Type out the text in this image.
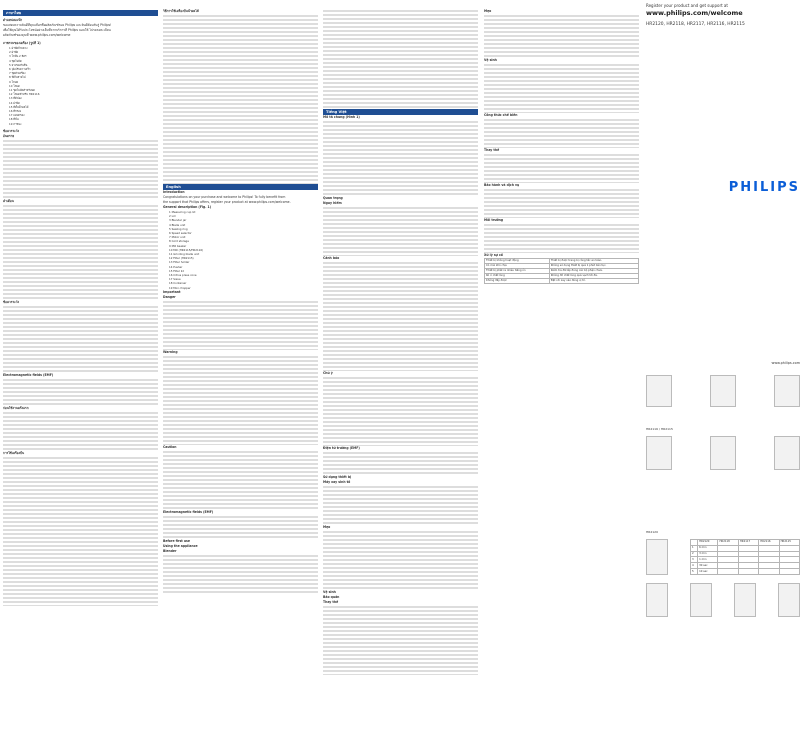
ภาษาไทย
ตำแหน่งแม่น้ำ
ขอแสดงความยินดีที่คุณเลือกซื้อผลิตภัณฑ์ของ Philips และยินดีต้อนรับสู่ Philips!
เพื่อให้คุณได้รับประโยชน์อย่างเต็มที่จากบริการที่ Philips มอบให้ โปรดลงทะเบียน
ผลิตภัณฑ์ของคุณที่ www.philips.com/welcome
ภาพรวมของเครื่อง (รูปที่ 1)
1 ฝาปิดถ้วยตวง
2 ฝาปิด
3 โถปั่น 2 ลิตร
4 ชุดใบมีด
5 ยางรองกันลื่น
6 ปุ่มปรับความเร็ว
7 ชุดตัวเครื่อง
8 ที่เก็บสายไฟ
9 โถบด
10 โถบด
11 ชุดใบมีดสำหรับบด
12 โถบดสำหรับ HR2116
13 ที่ตีฟอง
14 ฝาปิด
15 ที่คั้นน้ำผลไม้
16 ที่กรอง
17 แผ่นกรอง
18 ที่ปั่น
19 ภาชนะ
ข้อควรระวัง
อันตราย
คำเตือน
ข้อควรระวัง
Electromagnetic fields (EMF)
ก่อนใช้งานครั้งแรก
การใช้เครื่องปั่น
วิธีการใช้เครื่องปั่นน้ำผลไม้
English
Introduction
Congratulations on your purchase and welcome to Philips! To fully benefit from
the support that Philips offers, register your product at www.philips.com/welcome.
General description (Fig. 1)
1 Measuring cup lid
2 Lid
3 Blender jar
4 Blade unit
5 Sealing ring
6 Speed selector
7 Motor unit
8 Cord storage
9 Mill beaker
10 Mill (HR2115/HR2116)
11 Grinding blade unit
12 Filter (HR2115)
13 Filter holder
14 Pusher
15 Filter lid
16 Citrus press cone
17 Sieve
18 Container
19 Mini chopper
Important
Danger
Warning
Caution
Electromagnetic fields (EMF)
Before first use
Using the appliance
Blender
Tiếng Việt
Mô tả chung (Hình 1)
Quan trọng
Nguy hiểm
Cảnh báo
Chú ý
Điện từ trường (EMF)
Sử dụng thiết bị
Máy xay sinh tố
Mẹo
Vệ sinh
Bảo quản
Thay thế
Mẹo
Vệ sinh
Công thức chế biến
Thay thế
Bảo hành và dịch vụ
Môi trường
Xử lý sự cố
Thiết bị không hoạt động	Thiết bị được trang bị công tắc an toàn.
Có mùi khó chịu	Không sử dụng thiết bị quá 1 phút liên tục.
Thiết bị phát ra nhiều tiếng ồn	Kiểm tra đã lắp đúng các bộ phận chưa.
Rò rỉ chất lỏng	Không đổ chất lỏng quá vạch tối đa.
Không đẩy được	Đặt cối xay vào đúng vị trí.
Register your product and get support at
www.philips.com/welcome
HR2120, HR2118, HR2117, HR2116, HR2115
PHILIPS
www.philips.com
HR2116 / HR2115
HR2120
	HR2120	HR2118	HR2117	HR2116	HR2115
1	6 min				
2	3 min				
3	1 min				
4	30 sec				
5	10 sec				
